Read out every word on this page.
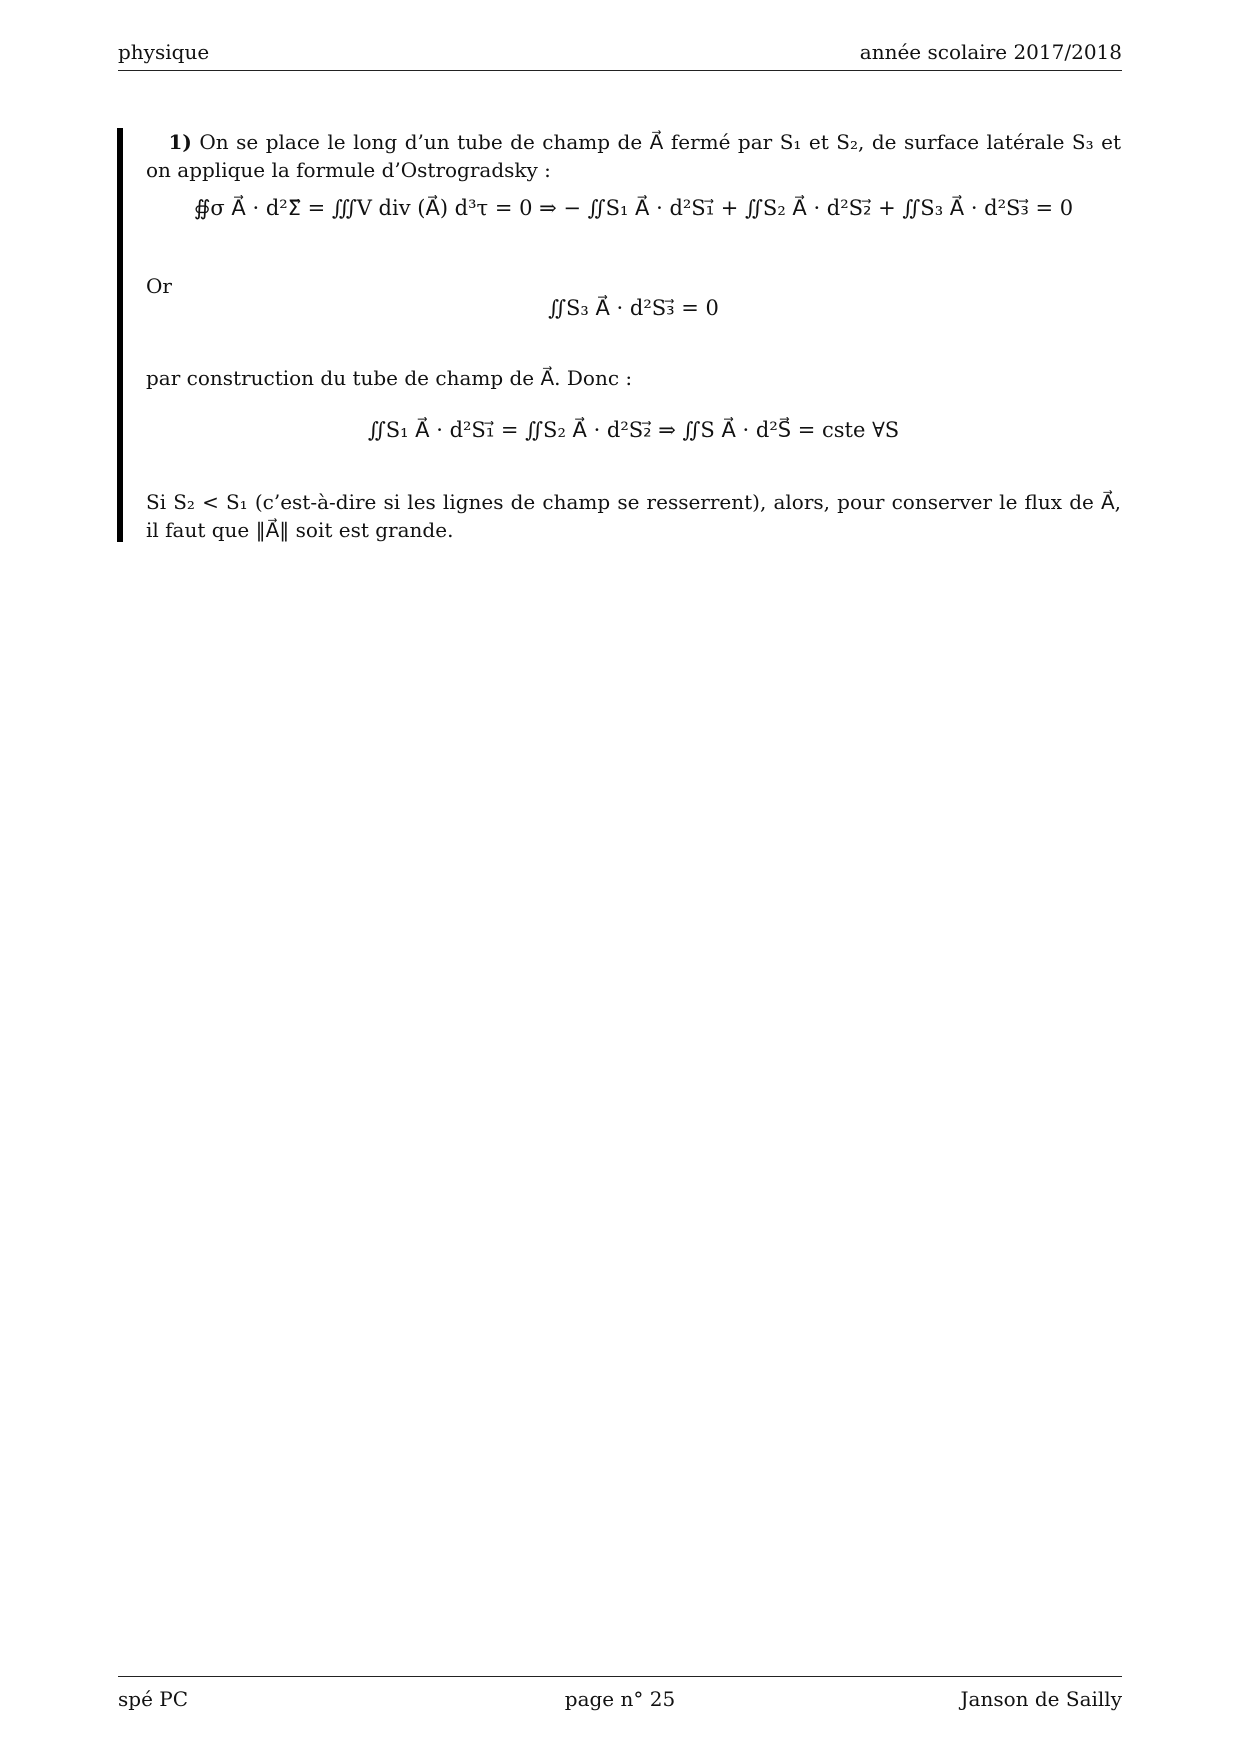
physique	année scolaire 2017/2018
1) On se place le long d’un tube de champ de A⃗ fermé par S₁ et S₂, de surface latérale S₃ et on applique la formule d’Ostrogradsky :
∯σ A⃗ · d²Σ⃗ = ∭V div (A⃗) d³τ = 0 ⇒ − ∬S₁ A⃗ · d²S₁⃗ + ∬S₂ A⃗ · d²S₂⃗ + ∬S₃ A⃗ · d²S₃⃗ = 0
Or
∬S₃ A⃗ · d²S₃⃗ = 0
par construction du tube de champ de A⃗. Donc :
∬S₁ A⃗ · d²S₁⃗ = ∬S₂ A⃗ · d²S₂⃗ ⇒ ∬S A⃗ · d²S⃗ = cste ∀S
Si S₂ < S₁ (c’est-à-dire si les lignes de champ se resserrent), alors, pour conserver le flux de A⃗, il faut que ‖A⃗‖ soit est grande.
spé PC	page n° 25	Janson de Sailly
